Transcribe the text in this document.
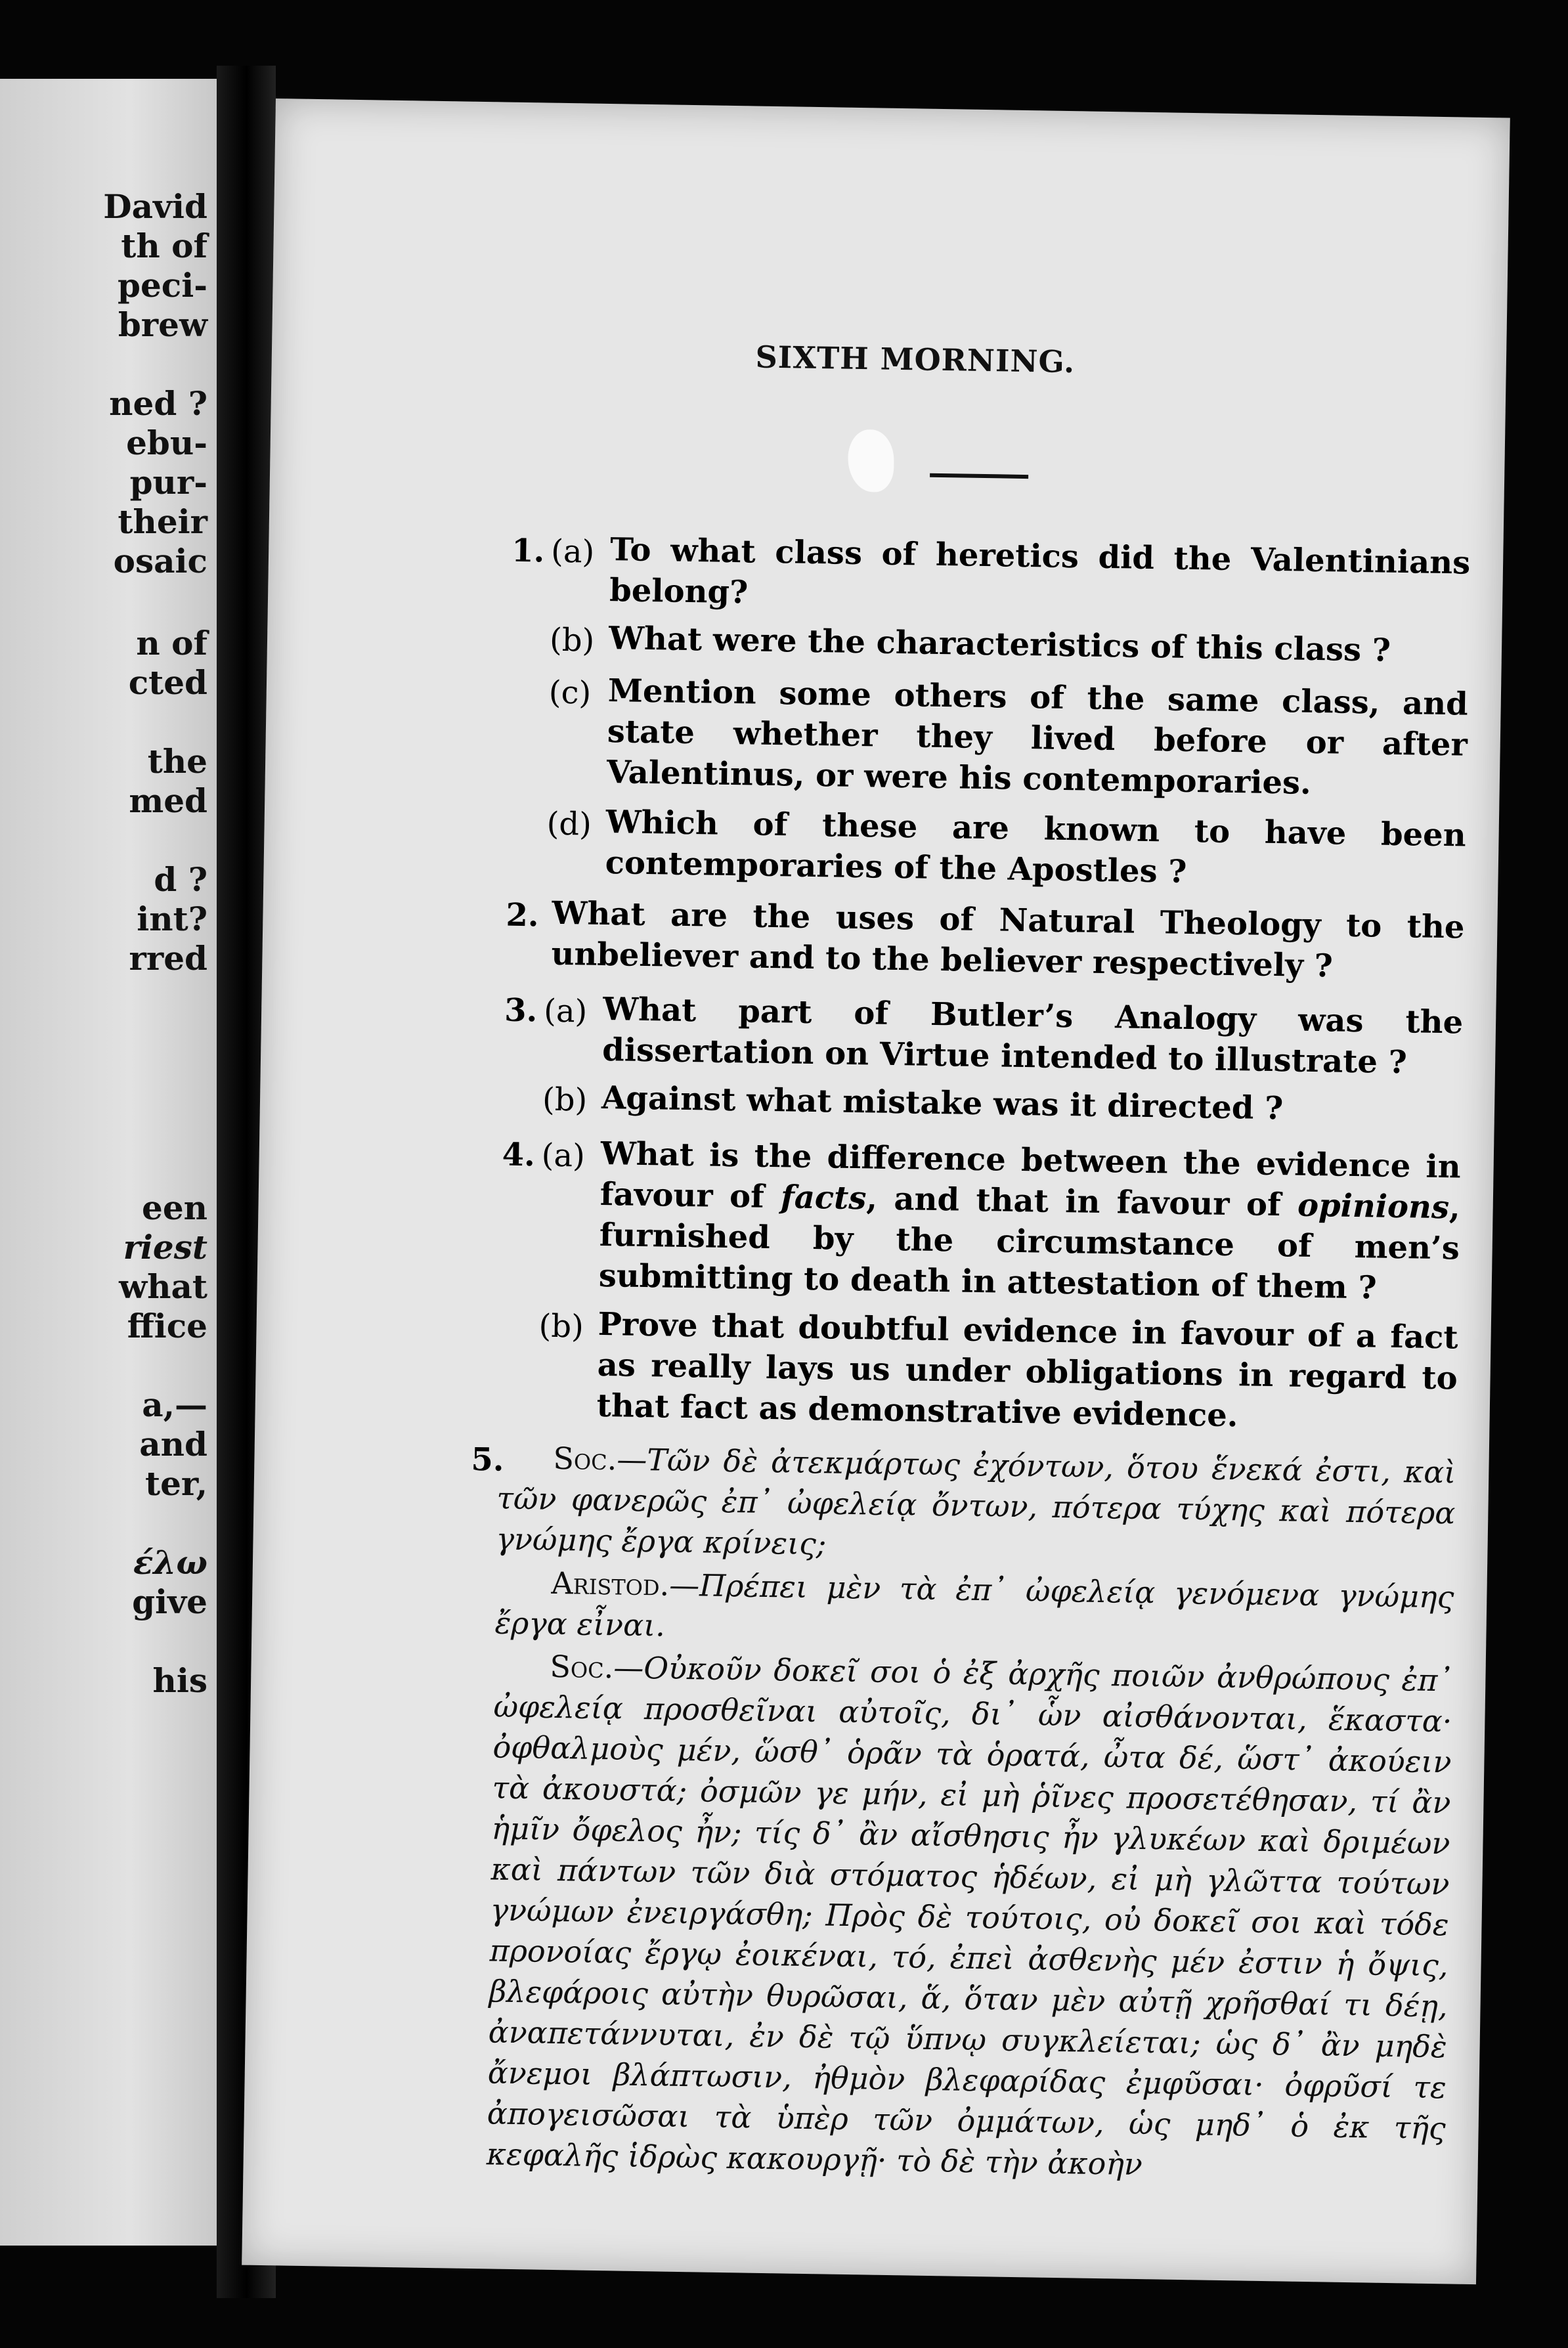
David
th of
peci-
brew
ned ?
ebu-
pur-
their
osaic
n of
cted
the
med
d ?
int?
rred
een
riest
what
ffice
a,—
and
ter,
έλω
give
his
SIXTH MORNING.
1. (a) To what class of heretics did the Valentinians belong?
(b) What were the characteristics of this class ?
(c) Mention some others of the same class, and state whether they lived before or after Valentinus, or were his contemporaries.
(d) Which of these are known to have been contemporaries of the Apostles ?
2. What are the uses of Natural Theology to the unbeliever and to the believer respectively ?
3. (a) What part of Butler’s Analogy was the dissertation on Virtue intended to illustrate ?
(b) Against what mistake was it directed ?
4. (a) What is the difference between the evidence in favour of facts, and that in favour of opinions, furnished by the circumstance of men’s submitting to death in attestation of them ?
(b) Prove that doubtful evidence in favour of a fact as really lays us under obligations in regard to that fact as demonstrative evidence.
5.	Soc.—Τῶν δὲ ἀτεκμάρτως ἐχόντων, ὅτου ἕνεκά ἐστι, καὶ τῶν φανερῶς ἐπ᾽ ὠφελείᾳ ὄντων, πότερα τύχης καὶ πότερα γνώμης ἔργα κρίνεις;
Aristod.—Πρέπει μὲν τὰ ἐπ᾽ ὠφελείᾳ γενόμενα γνώμης ἔργα εἶναι.
Soc.—Οὐκοῦν δοκεῖ σοι ὁ ἐξ ἀρχῆς ποιῶν ἀνθρώπους ἐπ᾽ ὠφελείᾳ προσθεῖναι αὐτοῖς, δι᾽ ὧν αἰσθάνονται, ἕκαστα· ὀφθαλμοὺς μέν, ὥσθ᾽ ὁρᾶν τὰ ὁρατά, ὦτα δέ, ὥστ᾽ ἀκούειν τὰ ἀκουστά; ὀσμῶν γε μήν, εἰ μὴ ῥῖνες προσετέθησαν, τί ἂν ἡμῖν ὄφελος ἦν; τίς δ᾽ ἂν αἴσθησις ἦν γλυκέων καὶ δριμέων καὶ πάντων τῶν διὰ στόματος ἡδέων, εἰ μὴ γλῶττα τούτων γνώμων ἐνειργάσθη; Πρὸς δὲ τούτοις, οὐ δοκεῖ σοι καὶ τόδε προνοίας ἔργῳ ἐοικέναι, τό, ἐπεὶ ἀσθενὴς μέν ἐστιν ἡ ὄψις, βλεφάροις αὐτὴν θυρῶσαι, ἅ, ὅταν μὲν αὐτῇ χρῆσθαί τι δέῃ, ἀναπετάννυται, ἐν δὲ τῷ ὕπνῳ συγκλείεται; ὡς δ᾽ ἂν μηδὲ ἄνεμοι βλάπτωσιν, ἠθμὸν βλεφαρίδας ἐμφῦσαι· ὀφρῦσί τε ἀπογεισῶσαι τὰ ὑπὲρ τῶν ὀμμάτων, ὡς μηδ᾽ ὁ ἐκ τῆς κεφαλῆς ἱδρὼς κακουργῇ· τὸ δὲ τὴν ἀκοὴν
